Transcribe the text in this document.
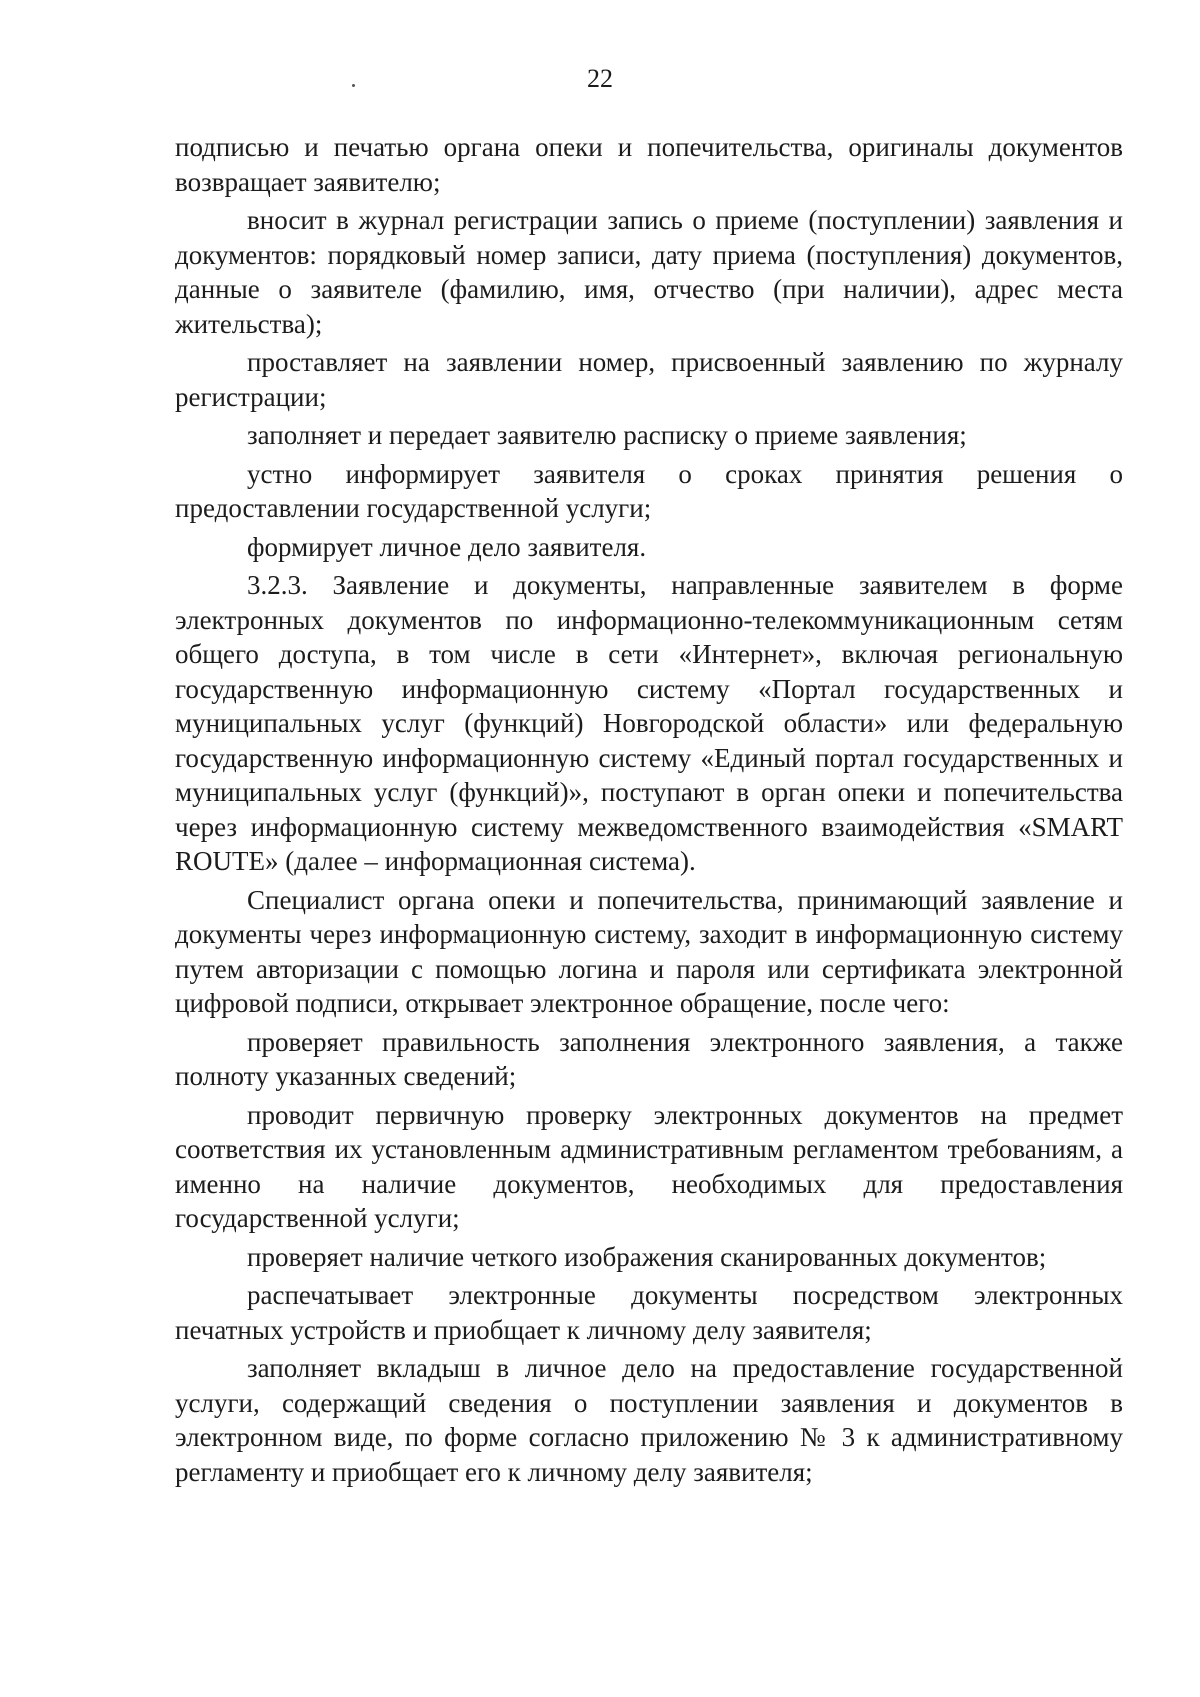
22

подписью и печатью органа опеки и попечительства, оригиналы документов возвращает заявителю;

вносит в журнал регистрации запись о приеме (поступлении) заявления и документов: порядковый номер записи, дату приема (поступления) документов, данные о заявителе (фамилию, имя, отчество (при наличии), адрес места жительства);

проставляет на заявлении номер, присвоенный заявлению по журналу регистрации;

заполняет и передает заявителю расписку о приеме заявления;

устно информирует заявителя о сроках принятия решения о предоставлении государственной услуги;

формирует личное дело заявителя.

3.2.3. Заявление и документы, направленные заявителем в форме электронных документов по информационно-телекоммуникационным сетям общего доступа, в том числе в сети «Интернет», включая региональную государственную информационную систему «Портал государственных и муниципальных услуг (функций) Новгородской области» или федеральную государственную информационную систему «Единый портал государственных и муниципальных услуг (функций)», поступают в орган опеки и попечительства через информационную систему межведомственного взаимодействия «SMART ROUTE» (далее – информационная система).

Специалист органа опеки и попечительства, принимающий заявление и документы через информационную систему, заходит в информационную систему путем авторизации с помощью логина и пароля или сертификата электронной цифровой подписи, открывает электронное обращение, после чего:

проверяет правильность заполнения электронного заявления, а также полноту указанных сведений;

проводит первичную проверку электронных документов на предмет соответствия их установленным административным регламентом требованиям, а именно на наличие документов, необходимых для предоставления государственной услуги;

проверяет наличие четкого изображения сканированных документов;

распечатывает электронные документы посредством электронных печатных устройств и приобщает к личному делу заявителя;

заполняет вкладыш в личное дело на предоставление государственной услуги, содержащий сведения о поступлении заявления и документов в электронном виде, по форме согласно приложению № 3 к административному регламенту и приобщает его к личному делу заявителя;
